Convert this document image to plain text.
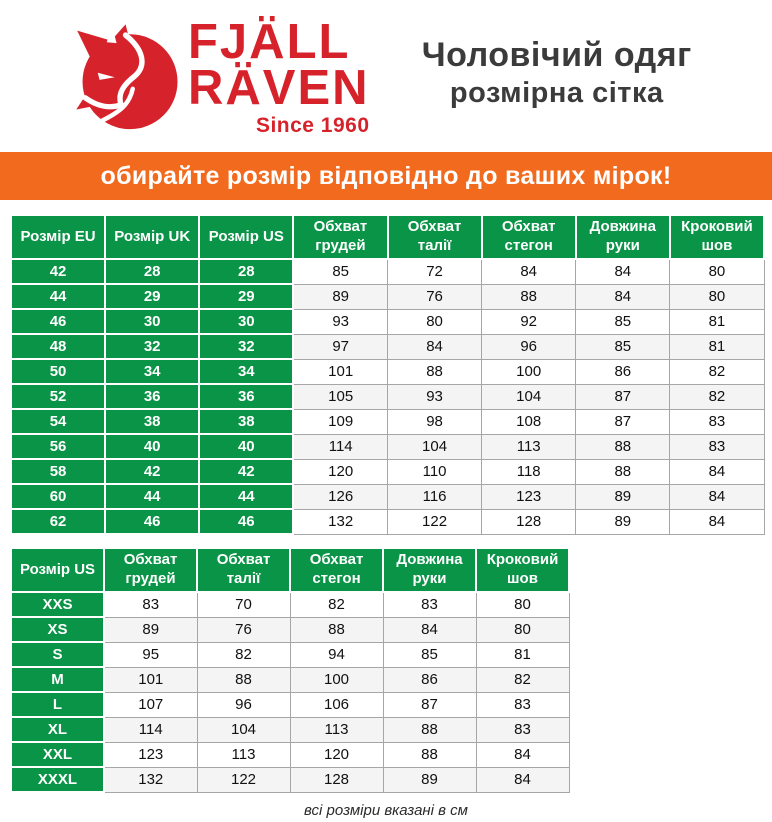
FJÄLL
RÄVEN
Since 1960
Чоловічий одяг
розмірна сітка
обирайте розмір відповідно до ваших мірок!
Розмір EU	Розмір UK	Розмір US	Обхват грудей	Обхват талії	Обхват стегон	Довжина руки	Кроковий шов
42	28	28	85	72	84	84	80
44	29	29	89	76	88	84	80
46	30	30	93	80	92	85	81
48	32	32	97	84	96	85	81
50	34	34	101	88	100	86	82
52	36	36	105	93	104	87	82
54	38	38	109	98	108	87	83
56	40	40	114	104	113	88	83
58	42	42	120	110	118	88	84
60	44	44	126	116	123	89	84
62	46	46	132	122	128	89	84
Розмір US	Обхват грудей	Обхват талії	Обхват стегон	Довжина руки	Кроковий шов
XXS	83	70	82	83	80
XS	89	76	88	84	80
S	95	82	94	85	81
M	101	88	100	86	82
L	107	96	106	87	83
XL	114	104	113	88	83
XXL	123	113	120	88	84
XXXL	132	122	128	89	84
всі розміри вказані в см
